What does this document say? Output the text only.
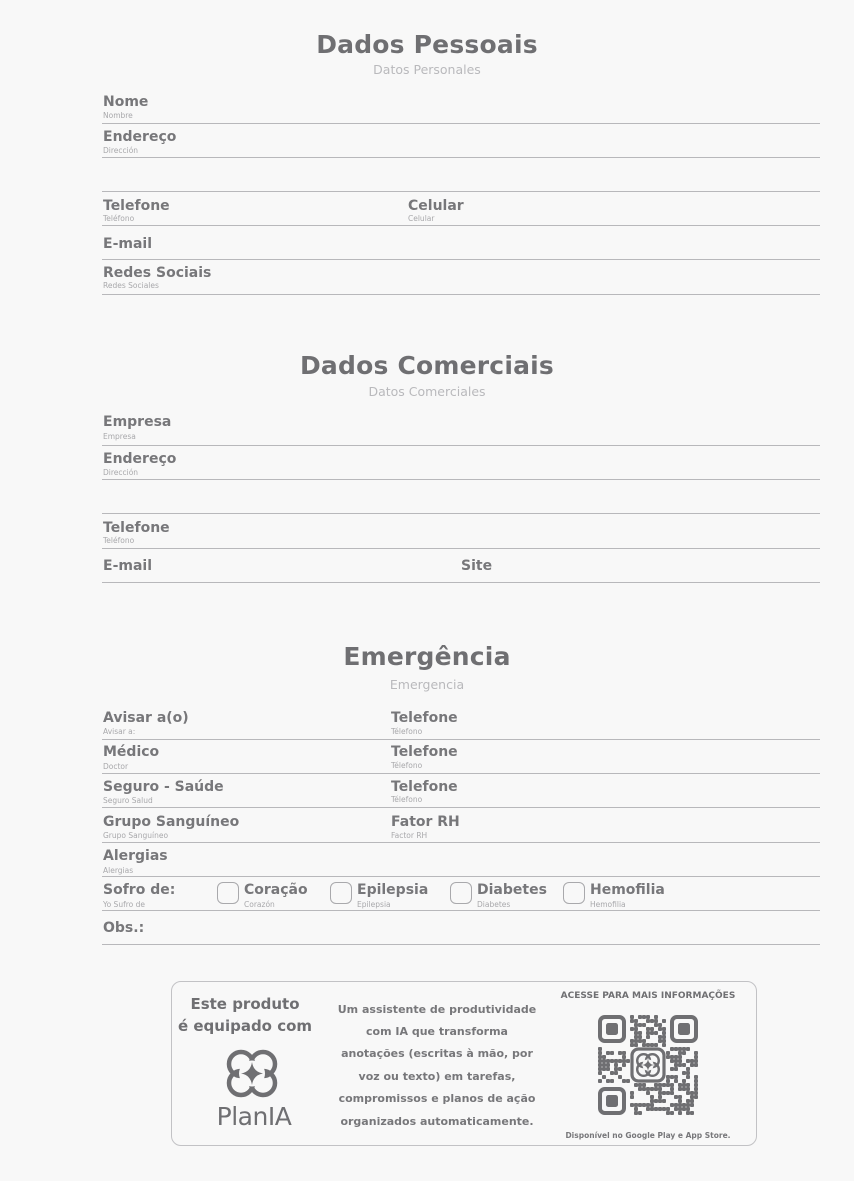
Dados Pessoais
Datos Personales
Nome
Nombre
Endereço
Dirección
Telefone
Teléfono
Celular
Celular
E-mail
Redes Sociais
Redes Sociales
Dados Comerciais
Datos Comerciales
Empresa
Empresa
Endereço
Dirección
Telefone
Teléfono
E-mail	Site
Emergência
Emergencia
Avisar a(o)
Avisar a:
Telefone
Télefono
Médico
Doctor
Telefone
Télefono
Seguro - Saúde
Seguro Salud
Telefone
Télefono
Grupo Sanguíneo
Grupo Sanguíneo
Fator RH
Factor RH
Alergias
Alergias
Sofro de:
Yo Sufro de
Coração
Corazón
Epilepsia
Epilepsia
Diabetes
Diabetes
Hemofilia
Hemofilia
Obs.:
Este produto
é equipado com
PlanIA
Um assistente de produtividade
com IA que transforma
anotações (escritas à mão, por
voz ou texto) em tarefas,
compromissos e planos de ação
organizados automaticamente.
ACESSE PARA MAIS INFORMAÇÕES
Disponível no Google Play e App Store.
